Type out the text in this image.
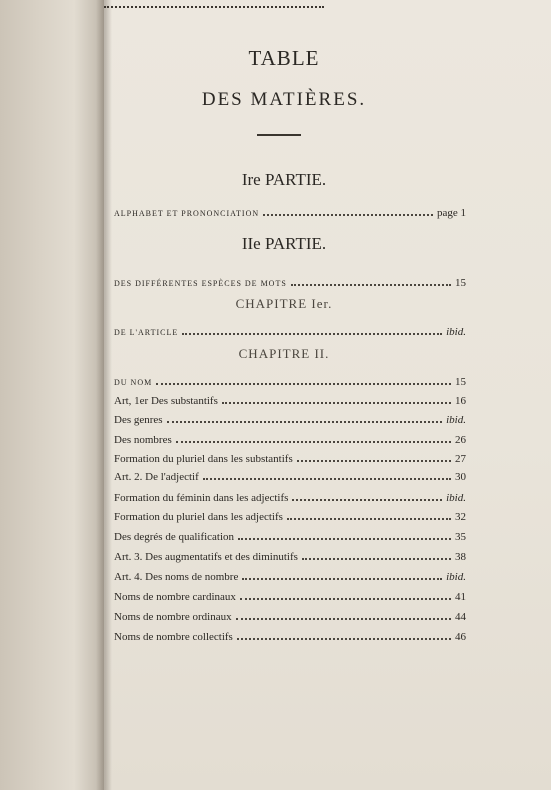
TABLE
DES MATIÈRES.
Ire PARTIE.
ALPHABET ET PRONONCIATION	page 1
IIe PARTIE.
DES DIFFÉRENTES ESPÈCES DE MOTS	15
CHAPITRE Ier.
DE L'ARTICLE	ibid.
CHAPITRE II.
DU NOM	15
Art, 1er Des substantifs	16
Des genres	ibid.
Des nombres	26
Formation du pluriel dans les substantifs	27
Art. 2. De l'adjectif	30
Formation du féminin dans les adjectifs	ibid.
Formation du pluriel dans les adjectifs	32
Des degrés de qualification	35
Art. 3. Des augmentatifs et des diminutifs	38
Art. 4. Des noms de nombre	ibid.
Noms de nombre cardinaux	41
Noms de nombre ordinaux	44
Noms de nombre collectifs	46
